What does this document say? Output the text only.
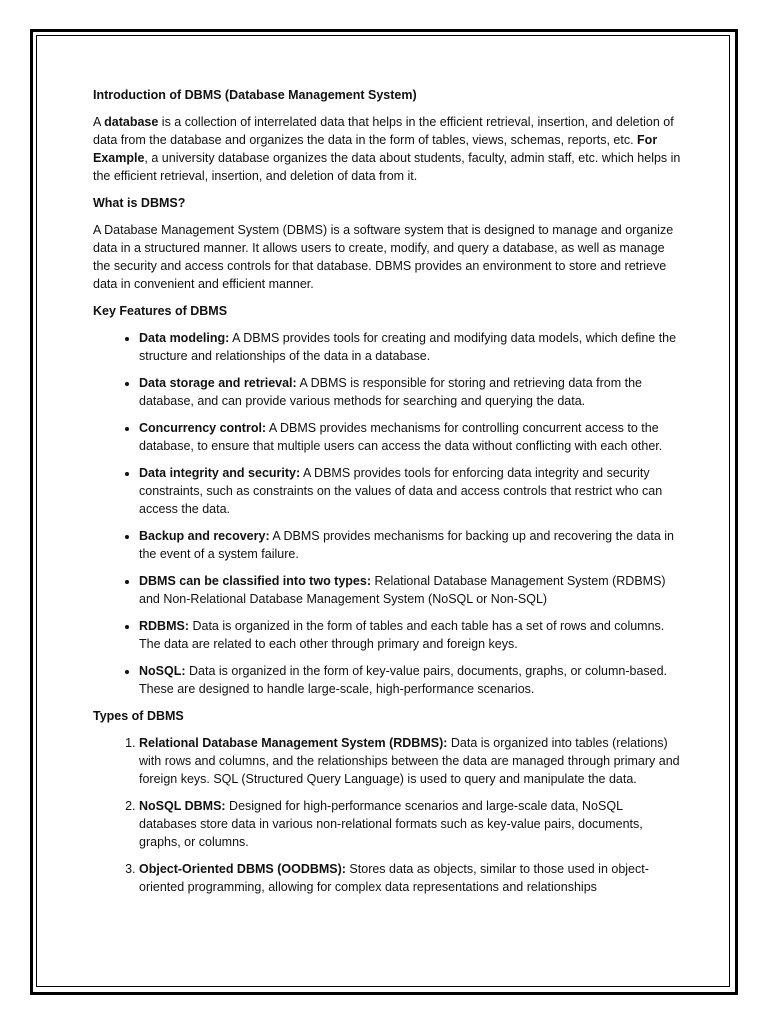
Introduction of DBMS (Database Management System)

A database is a collection of interrelated data that helps in the efficient retrieval, insertion, and deletion of data from the database and organizes the data in the form of tables, views, schemas, reports, etc. For Example, a university database organizes the data about students, faculty, admin staff, etc. which helps in the efficient retrieval, insertion, and deletion of data from it.

What is DBMS?

A Database Management System (DBMS) is a software system that is designed to manage and organize data in a structured manner. It allows users to create, modify, and query a database, as well as manage the security and access controls for that database. DBMS provides an environment to store and retrieve data in convenient and efficient manner.

Key Features of DBMS
• Data modeling: A DBMS provides tools for creating and modifying data models, which define the structure and relationships of the data in a database.
• Data storage and retrieval: A DBMS is responsible for storing and retrieving data from the database, and can provide various methods for searching and querying the data.
• Concurrency control: A DBMS provides mechanisms for controlling concurrent access to the database, to ensure that multiple users can access the data without conflicting with each other.
• Data integrity and security: A DBMS provides tools for enforcing data integrity and security constraints, such as constraints on the values of data and access controls that restrict who can access the data.
• Backup and recovery: A DBMS provides mechanisms for backing up and recovering the data in the event of a system failure.
• DBMS can be classified into two types: Relational Database Management System (RDBMS) and Non-Relational Database Management System (NoSQL or Non-SQL)
• RDBMS: Data is organized in the form of tables and each table has a set of rows and columns. The data are related to each other through primary and foreign keys.
• NoSQL: Data is organized in the form of key-value pairs, documents, graphs, or column-based. These are designed to handle large-scale, high-performance scenarios.
Types of DBMS
1. Relational Database Management System (RDBMS): Data is organized into tables (relations) with rows and columns, and the relationships between the data are managed through primary and foreign keys. SQL (Structured Query Language) is used to query and manipulate the data.
2. NoSQL DBMS: Designed for high-performance scenarios and large-scale data, NoSQL databases store data in various non-relational formats such as key-value pairs, documents, graphs, or columns.
3. Object-Oriented DBMS (OODBMS): Stores data as objects, similar to those used in object-oriented programming, allowing for complex data representations and relationships
